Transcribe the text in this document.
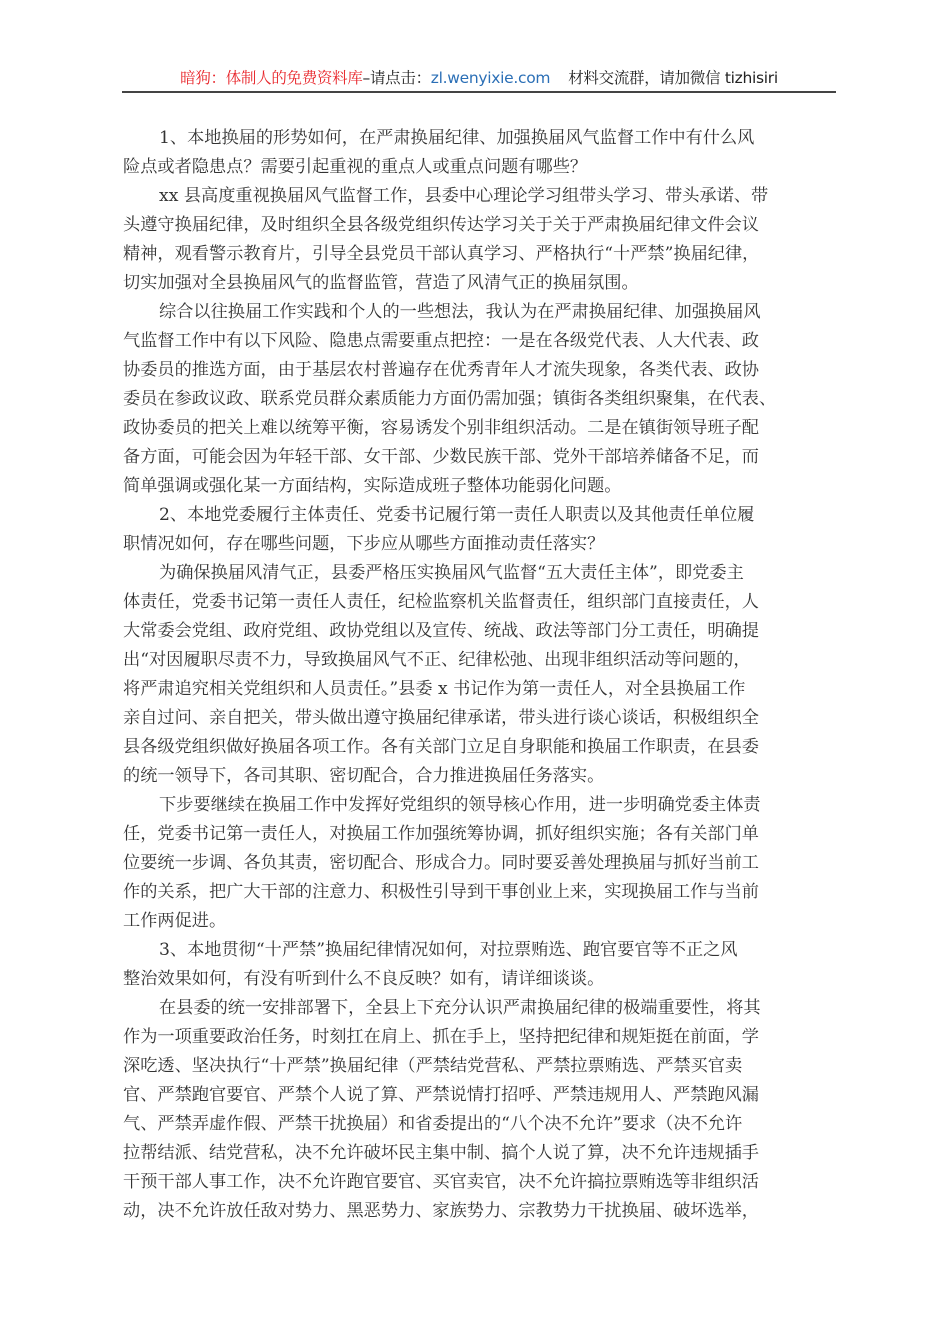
暗狗：体制人的免费资料库–请点击：zl.wenyixie.com 材料交流群，请加微信 tizhisiri
1、本地换届的形势如何，在严肃换届纪律、加强换届风气监督工作中有什么风
险点或者隐患点？需要引起重视的重点人或重点问题有哪些？
xx 县高度重视换届风气监督工作，县委中心理论学习组带头学习、带头承诺、带
头遵守换届纪律，及时组织全县各级党组织传达学习关于关于严肃换届纪律文件会议
精神，观看警示教育片，引导全县党员干部认真学习、严格执行“十严禁”换届纪律，
切实加强对全县换届风气的监督监管，营造了风清气正的换届氛围。
综合以往换届工作实践和个人的一些想法，我认为在严肃换届纪律、加强换届风
气监督工作中有以下风险、隐患点需要重点把控：一是在各级党代表、人大代表、政
协委员的推选方面，由于基层农村普遍存在优秀青年人才流失现象，各类代表、政协
委员在参政议政、联系党员群众素质能力方面仍需加强；镇街各类组织聚集，在代表、
政协委员的把关上难以统筹平衡，容易诱发个别非组织活动。二是在镇街领导班子配
备方面，可能会因为年轻干部、女干部、少数民族干部、党外干部培养储备不足，而
简单强调或强化某一方面结构，实际造成班子整体功能弱化问题。
2、本地党委履行主体责任、党委书记履行第一责任人职责以及其他责任单位履
职情况如何，存在哪些问题，下步应从哪些方面推动责任落实？
为确保换届风清气正，县委严格压实换届风气监督“五大责任主体”，即党委主
体责任，党委书记第一责任人责任，纪检监察机关监督责任，组织部门直接责任，人
大常委会党组、政府党组、政协党组以及宣传、统战、政法等部门分工责任，明确提
出“对因履职尽责不力，导致换届风气不正、纪律松弛、出现非组织活动等问题的，
将严肃追究相关党组织和人员责任。”县委 x 书记作为第一责任人，对全县换届工作
亲自过问、亲自把关，带头做出遵守换届纪律承诺，带头进行谈心谈话，积极组织全
县各级党组织做好换届各项工作。各有关部门立足自身职能和换届工作职责，在县委
的统一领导下，各司其职、密切配合，合力推进换届任务落实。
下步要继续在换届工作中发挥好党组织的领导核心作用，进一步明确党委主体责
任，党委书记第一责任人，对换届工作加强统筹协调，抓好组织实施；各有关部门单
位要统一步调、各负其责，密切配合、形成合力。同时要妥善处理换届与抓好当前工
作的关系，把广大干部的注意力、积极性引导到干事创业上来，实现换届工作与当前
工作两促进。
3、本地贯彻“十严禁”换届纪律情况如何，对拉票贿选、跑官要官等不正之风
整治效果如何，有没有听到什么不良反映？如有，请详细谈谈。
在县委的统一安排部署下，全县上下充分认识严肃换届纪律的极端重要性，将其
作为一项重要政治任务，时刻扛在肩上、抓在手上，坚持把纪律和规矩挺在前面，学
深吃透、坚决执行“十严禁”换届纪律（严禁结党营私、严禁拉票贿选、严禁买官卖
官、严禁跑官要官、严禁个人说了算、严禁说情打招呼、严禁违规用人、严禁跑风漏
气、严禁弄虚作假、严禁干扰换届）和省委提出的“八个决不允许”要求（决不允许
拉帮结派、结党营私，决不允许破坏民主集中制、搞个人说了算，决不允许违规插手
干预干部人事工作，决不允许跑官要官、买官卖官，决不允许搞拉票贿选等非组织活
动，决不允许放任敌对势力、黑恶势力、家族势力、宗教势力干扰换届、破坏选举，
